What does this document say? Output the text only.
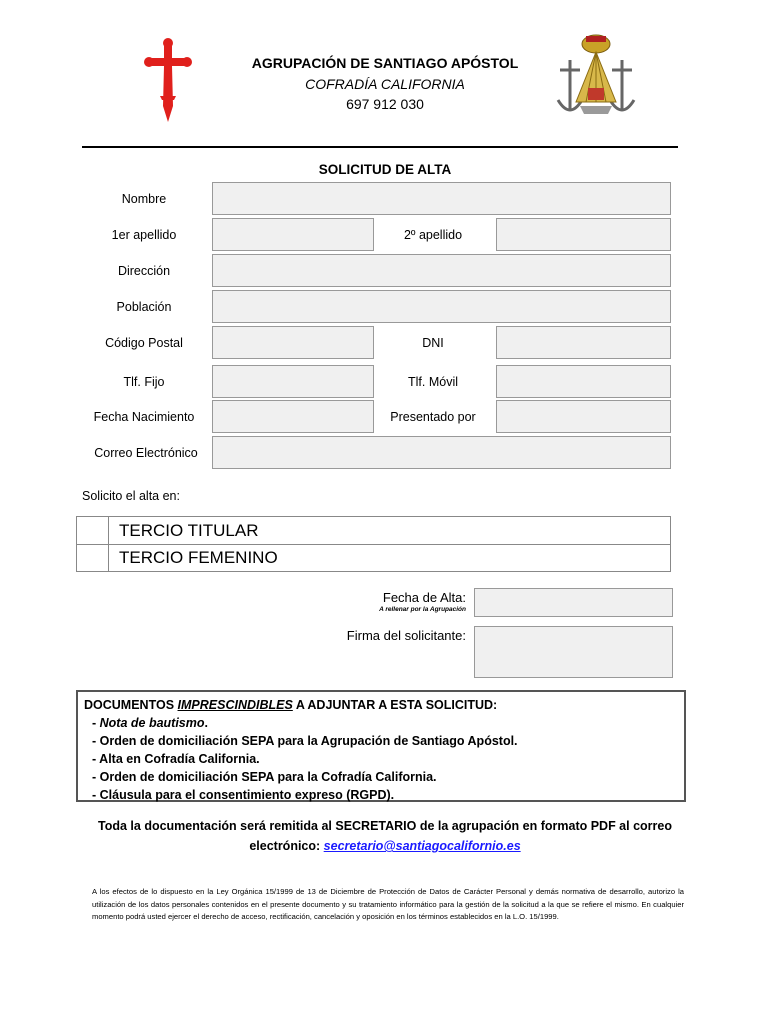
AGRUPACIÓN DE SANTIAGO APÓSTOL
COFRADÍA CALIFORNIA
697 912 030
SOLICITUD DE ALTA
Nombre
1er apellido	2º apellido
Dirección
Población
Código Postal	DNI
Tlf. Fijo	Tlf. Móvil
Fecha Nacimiento	Presentado por
Correo Electrónico
Solicito el alta en:
TERCIO TITULAR
TERCIO FEMENINO
Fecha de Alta:
A rellenar por la Agrupación
Firma del solicitante:
DOCUMENTOS IMPRESCINDIBLES A ADJUNTAR A ESTA SOLICITUD:
- Nota de bautismo.
- Orden de domiciliación SEPA para la Agrupación de Santiago Apóstol.
- Alta en Cofradía California.
- Orden de domiciliación SEPA para la Cofradía California.
- Cláusula para el consentimiento expreso (RGPD).
Toda la documentación será remitida al SECRETARIO de la agrupación en formato PDF al correo electrónico: secretario@santiagocalifornio.es
A los efectos de lo dispuesto en la Ley Orgánica 15/1999 de 13 de Diciembre de Protección de Datos de Carácter Personal y demás normativa de desarrollo, autorizo la utilización de los datos personales contenidos en el presente documento y su tratamiento informático para la gestión de la solicitud a la que se refiere el mismo. En cualquier momento podrá usted ejercer el derecho de acceso, rectificación, cancelación y oposición en los términos establecidos en la L.O. 15/1999.
